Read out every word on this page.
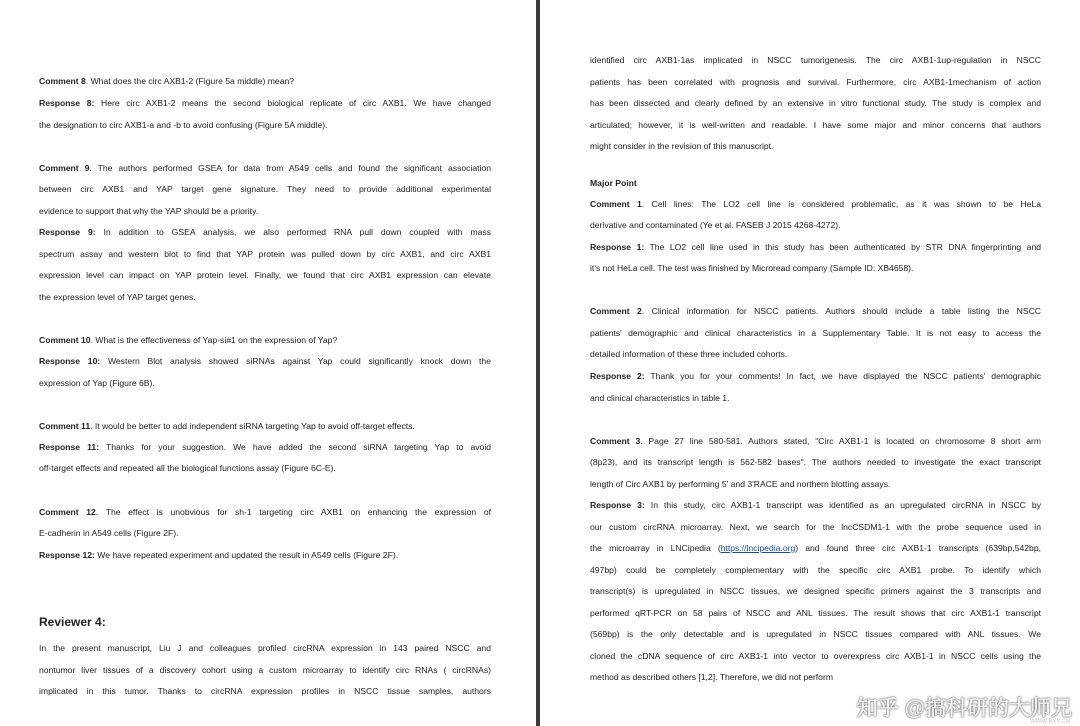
Comment 8. What does the circ AXB1-2 (Figure 5a middle) mean?
Response 8: Here circ AXB1-2 means the second biological replicate of circ AXB1. We have changed
the designation to circ AXB1-a and -b to avoid confusing (Figure 5A middle).
Comment 9. The authors performed GSEA for data from A549 cells and found the significant association
between circ AXB1 and YAP target gene signature. They need to provide additional experimental
evidence to support that why the YAP should be a priority.
Response 9: In addition to GSEA analysis, we also performed RNA pull down coupled with mass
spectrum assay and western blot to find that YAP protein was pulled down by circ AXB1, and circ AXB1
expression level can impact on YAP protein level. Finally, we found that circ AXB1 expression can elevate
the expression level of YAP target genes.
Comment 10. What is the effectiveness of Yap-si#1 on the expression of Yap?
Response 10: Western Blot analysis showed siRNAs against Yap could significantly knock down the
expression of Yap (Figure 6B).
Comment 11. It would be better to add independent siRNA targeting Yap to avoid off-target effects.
Response 11: Thanks for your suggestion. We have added the second siRNA targeting Yap to avoid
off-target effects and repeated all the biological functions assay (Figure 6C-E).
Comment 12. The effect is unobvious for sh-1 targeting circ AXB1 on enhancing the expression of
E-cadherin in A549 cells (Figure 2F).
Response 12: We have repeated experiment and updated the result in A549 cells (Figure 2F).
Reviewer 4:
In the present manuscript, Liu J and colleagues profiled circRNA expression in 143 paired NSCC and
nontumor liver tissues of a discovery cohort using a custom microarray to identify circ RNAs ( circRNAs)
implicated in this tumor. Thanks to circRNA expression profiles in NSCC tissue samples, authors
identified circ AXB1-1as implicated in NSCC tumorigenesis. The circ AXB1-1up-regulation in NSCC
patients has been correlated with prognosis and survival. Furthermore, circ AXB1-1mechanism of action
has been dissected and clearly defined by an extensive in vitro functional study. The study is complex and
articulated; however, it is well-written and readable. I have some major and minor concerns that authors
might consider in the revision of this manuscript.
Major Point
Comment 1. Cell lines: The LO2 cell line is considered problematic, as it was shown to be HeLa
derivative and contaminated (Ye et al. FASEB J 2015 4268-4272).
Response 1: The LO2 cell line used in this study has been authenticated by STR DNA fingerprinting and
it's not HeLa cell. The test was finished by Microread company (Sample ID: XB4658).
Comment 2. Clinical information for NSCC patients. Authors should include a table listing the NSCC
patients' demographic and clinical characteristics in a Supplementary Table. It is not easy to access the
detailed information of these three included cohorts.
Response 2: Thank you for your comments! In fact, we have displayed the NSCC patients' demographic
and clinical characteristics in table 1.
Comment 3. Page 27 line 580-581. Authors stated, "Circ AXB1-1 is located on chromosome 8 short arm
(8p23), and its transcript length is 562-582 bases". The authors needed to investigate the exact transcript
length of Circ AXB1 by performing 5' and 3'RACE and northern blotting assays.
Response 3: In this study, circ AXB1-1 transcript was identified as an upregulated circRNA in NSCC by
our custom circRNA microarray. Next, we search for the lncCSDM1-1 with the probe sequence used in
the microarray in LNCipedia (https://lncipedia.org) and found three circ AXB1-1 transcripts (639bp,542bp,
497bp) could be completely complementary with the specific circ AXB1 probe. To identify which
transcript(s) is upregulated in NSCC tissues, we designed specific primers against the 3 transcripts and
performed qRT-PCR on 58 pairs of NSCC and ANL tissues. The result shows that circ AXB1-1 transcript
(569bp) is the only detectable and is upregulated in NSCC tissues compared with ANL tissues. We
cloned the cDNA sequence of circ AXB1-1 into vector to overexpress circ AXB1-1 in NSCC cells using the
method as described others [1,2]. Therefore, we did not perform
知乎 @搞科研的大师兄
WWW.BXY.CN
